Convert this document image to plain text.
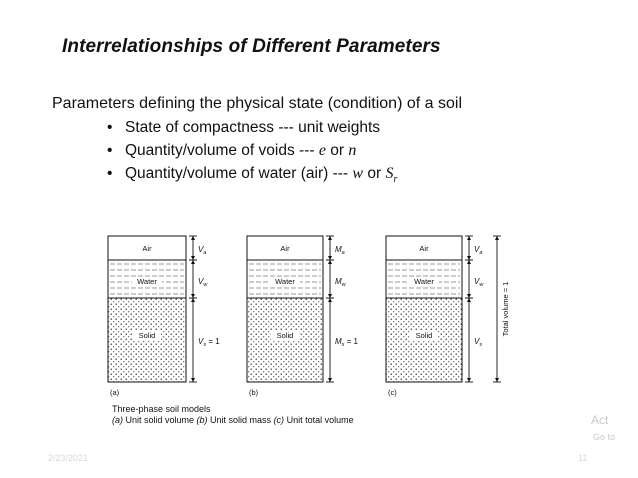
Interrelationships of Different Parameters
Parameters defining the physical state (condition) of a soil
• State of compactness --- unit weights
• Quantity/volume of voids --- e or n
• Quantity/volume of water (air) --- w or $S_r$
Air
Water
Solid
(a)
$V_a$
$V_w$
$V_s = 1$
Air
Water
Solid
(b)
$M_a$
$M_w$
$M_s = 1$
Air
Water
Solid	Total volume = 1
(c)
$V_a$
$V_w$
$V_s$
Three-phase soil models
(a) Unit solid volume (b) Unit solid mass (c) Unit total volume	Act
Go to
2/23/2021	11
